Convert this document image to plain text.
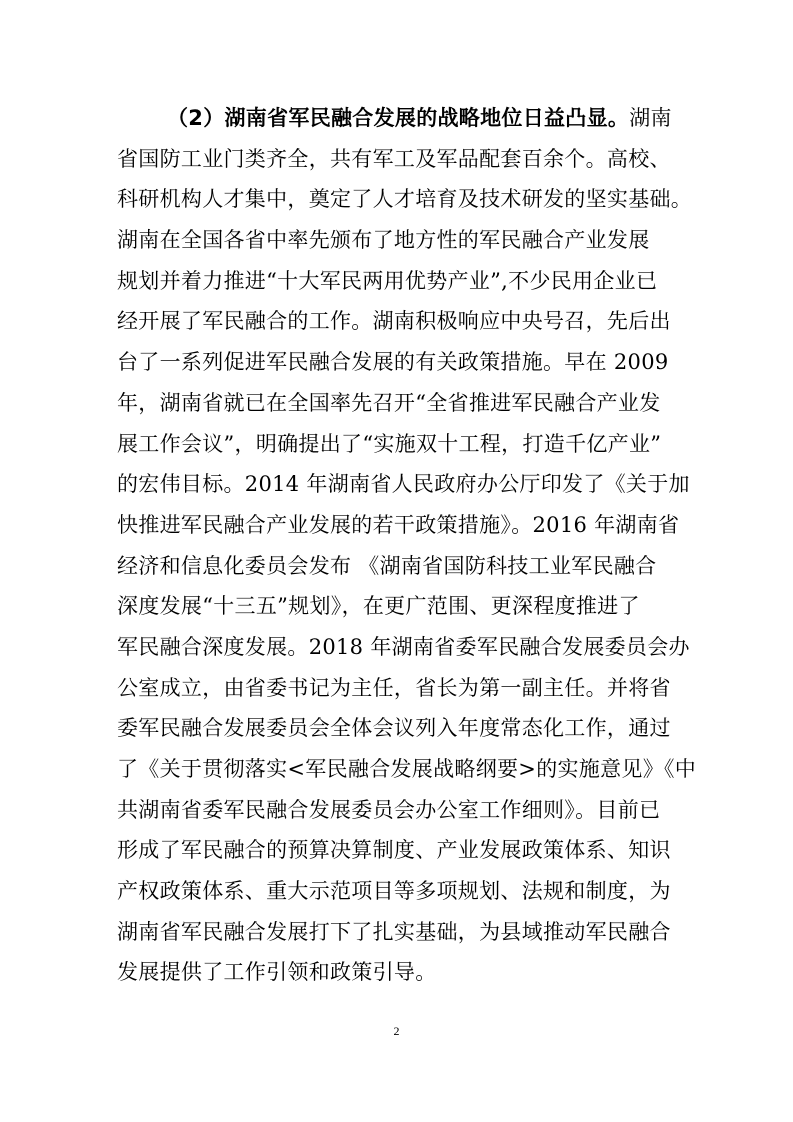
（2）湖南省军民融合发展的战略地位日益凸显。湖南
省国防工业门类齐全，共有军工及军品配套百余个。高校、
科研机构人才集中，奠定了人才培育及技术研发的坚实基础。
湖南在全国各省中率先颁布了地方性的军民融合产业发展
规划并着力推进“十大军民两用优势产业”,不少民用企业已
经开展了军民融合的工作。湖南积极响应中央号召，先后出
台了一系列促进军民融合发展的有关政策措施。早在 2009
年，湖南省就已在全国率先召开“全省推进军民融合产业发
展工作会议”，明确提出了“实施双十工程，打造千亿产业”
的宏伟目标。2014 年湖南省人民政府办公厅印发了《关于加
快推进军民融合产业发展的若干政策措施》。2016 年湖南省
经济和信息化委员会发布 《湖南省国防科技工业军民融合
深度发展“十三五”规划》，在更广范围、更深程度推进了
军民融合深度发展。2018 年湖南省委军民融合发展委员会办
公室成立，由省委书记为主任，省长为第一副主任。并将省
委军民融合发展委员会全体会议列入年度常态化工作，通过
了《关于贯彻落实<军民融合发展战略纲要>的实施意见》《中
共湖南省委军民融合发展委员会办公室工作细则》。目前已
形成了军民融合的预算决算制度、产业发展政策体系、知识
产权政策体系、重大示范项目等多项规划、法规和制度，为
湖南省军民融合发展打下了扎实基础，为县域推动军民融合
发展提供了工作引领和政策引导。
2
